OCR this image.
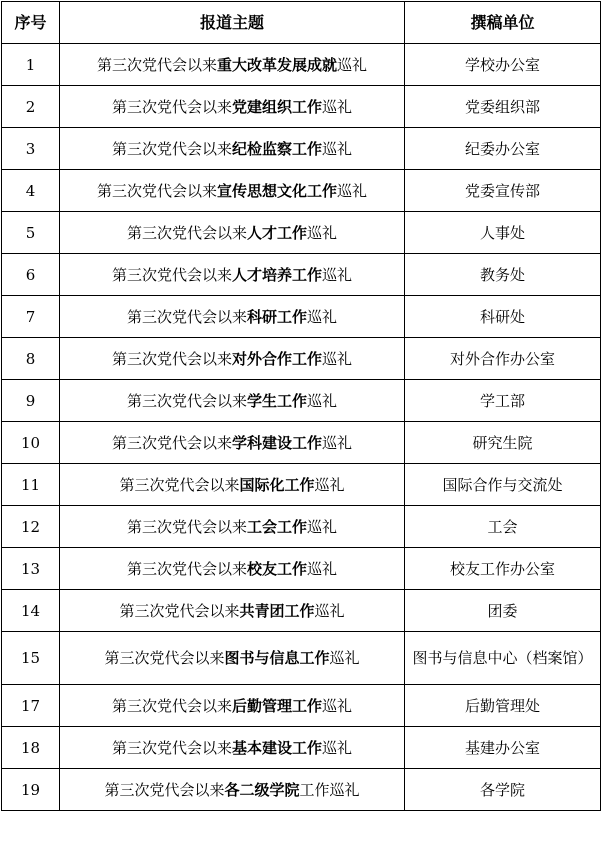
序号	报道主题	撰稿单位
1	第三次党代会以来重大改革发展成就巡礼	学校办公室
2	第三次党代会以来党建组织工作巡礼	党委组织部
3	第三次党代会以来纪检监察工作巡礼	纪委办公室
4	第三次党代会以来宣传思想文化工作巡礼	党委宣传部
5	第三次党代会以来人才工作巡礼	人事处
6	第三次党代会以来人才培养工作巡礼	教务处
7	第三次党代会以来科研工作巡礼	科研处
8	第三次党代会以来对外合作工作巡礼	对外合作办公室
9	第三次党代会以来学生工作巡礼	学工部
10	第三次党代会以来学科建设工作巡礼	研究生院
11	第三次党代会以来国际化工作巡礼	国际合作与交流处
12	第三次党代会以来工会工作巡礼	工会
13	第三次党代会以来校友工作巡礼	校友工作办公室
14	第三次党代会以来共青团工作巡礼	团委
15	第三次党代会以来图书与信息工作巡礼	图书与信息中心（档案馆）
17	第三次党代会以来后勤管理工作巡礼	后勤管理处
18	第三次党代会以来基本建设工作巡礼	基建办公室
19	第三次党代会以来各二级学院工作巡礼	各学院
